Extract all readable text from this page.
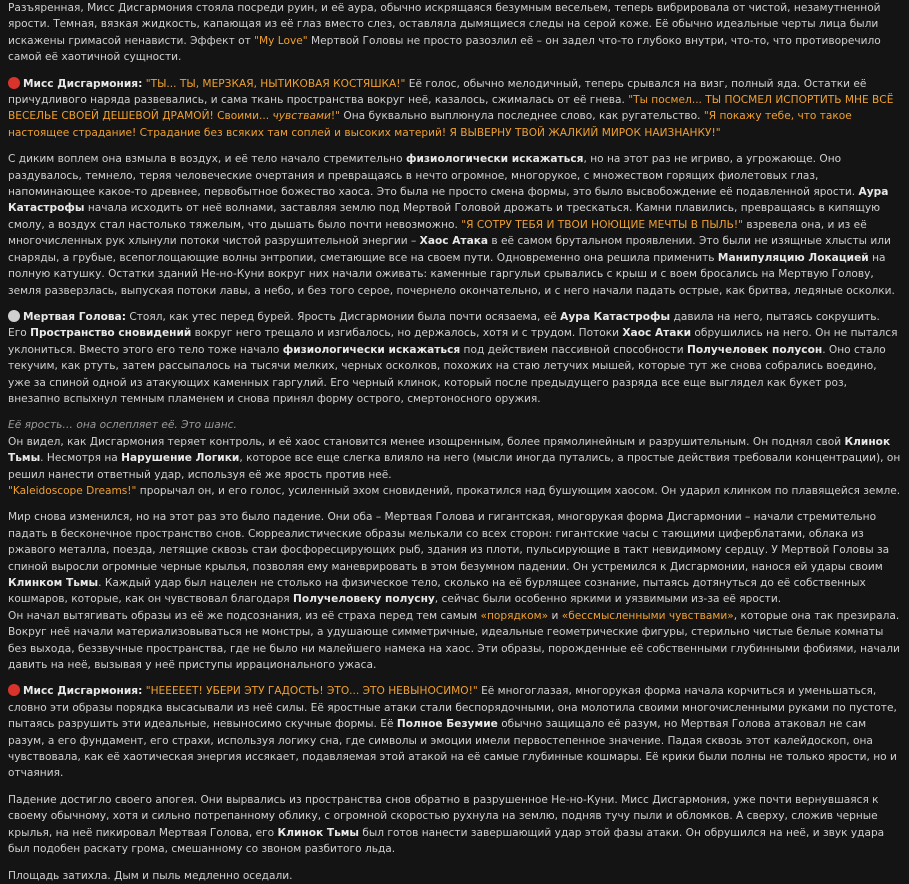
Разъяренная, Мисс Дисгармония стояла посреди руин, и её аура, обычно искрящаяся безумным весельем, теперь вибрировала от чистой, незамутненной ярости. Темная, вязкая жидкость, капающая из её глаз вместо слез, оставляла дымящиеся следы на серой коже. Её обычно идеальные черты лица были искажены гримасой ненависти. Эффект от "My Love" Мертвой Головы не просто разозлил её – он задел что-то глубоко внутри, что-то, что противоречило самой её хаотичной сущности.

Мисс Дисгармония: "ТЫ... ТЫ, МЕРЗКАЯ, НЫТИКОВАЯ КОСТЯШКА!" Её голос, обычно мелодичный, теперь срывался на визг, полный яда. Остатки её причудливого наряда развевались, и сама ткань пространства вокруг неё, казалось, сжималась от её гнева. "Ты посмел... ТЫ ПОСМЕЛ ИСПОРТИТЬ МНЕ ВСЁ ВЕСЕЛЬЕ СВОЕЙ ДЕШЕВОЙ ДРАМОЙ! Своими... чувствами!" Она буквально выплюнула последнее слово, как ругательство. "Я покажу тебе, что такое настоящее страдание! Страдание без всяких там соплей и высоких материй! Я ВЫВЕРНУ ТВОЙ ЖАЛКИЙ МИРОК НАИЗНАНКУ!"

С диким воплем она взмыла в воздух, и её тело начало стремительно физиологически искажаться, но на этот раз не игриво, а угрожающе. Оно раздувалось, темнело, теряя человеческие очертания и превращаясь в нечто огромное, многорукое, с множеством горящих фиолетовых глаз, напоминающее какое-то древнее, первобытное божество хаоса. Это была не просто смена формы, это было высвобождение её подавленной ярости. Аура Катастрофы начала исходить от неё волнами, заставляя землю под Мертвой Головой дрожать и трескаться. Камни плавились, превращаясь в кипящую смолу, а воздух стал настолько тяжелым, что дышать было почти невозможно. "Я СОТРУ ТЕБЯ И ТВОИ НОЮЩИЕ МЕЧТЫ В ПЫЛЬ!" взревела она, и из её многочисленных рук хлынули потоки чистой разрушительной энергии – Хаос Атака в её самом брутальном проявлении. Это были не изящные хлысты или снаряды, а грубые, всепоглощающие волны энтропии, сметающие все на своем пути. Одновременно она решила применить Манипуляцию Локацией на полную катушку. Остатки зданий Не-но-Куни вокруг них начали оживать: каменные гаргульи срывались с крыш и с воем бросались на Мертвую Голову, земля разверзлась, выпуская потоки лавы, а небо, и без того серое, почернело окончательно, и с него начали падать острые, как бритва, ледяные осколки.

Мертвая Голова: Стоял, как утес перед бурей. Ярость Дисгармонии была почти осязаема, её Аура Катастрофы давила на него, пытаясь сокрушить. Его Пространство сновидений вокруг него трещало и изгибалось, но держалось, хотя и с трудом. Потоки Хаос Атаки обрушились на него. Он не пытался уклониться. Вместо этого его тело тоже начало физиологически искажаться под действием пассивной способности Получеловек полусон. Оно стало текучим, как ртуть, затем рассыпалось на тысячи мелких, черных осколков, похожих на стаю летучих мышей, которые тут же снова собрались воедино, уже за спиной одной из атакующих каменных гаргулий. Его черный клинок, который после предыдущего разряда все еще выглядел как букет роз, внезапно вспыхнул темным пламенем и снова принял форму острого, смертоносного оружия.

Её ярость… она ослепляет её. Это шанс.

Он видел, как Дисгармония теряет контроль, и её хаос становится менее изощренным, более прямолинейным и разрушительным. Он поднял свой Клинок Тьмы. Несмотря на Нарушение Логики, которое все еще слегка влияло на него (мысли иногда путались, а простые действия требовали концентрации), он решил нанести ответный удар, используя её же ярость против неё.

"Kaleidoscope Dreams!" прорычал он, и его голос, усиленный эхом сновидений, прокатился над бушующим хаосом. Он ударил клинком по плавящейся земле.

Мир снова изменился, но на этот раз это было падение. Они оба – Мертвая Голова и гигантская, многорукая форма Дисгармонии – начали стремительно падать в бесконечное пространство снов. Сюрреалистические образы мелькали со всех сторон: гигантские часы с тающими циферблатами, облака из ржавого металла, поезда, летящие сквозь стаи фосфоресцирующих рыб, здания из плоти, пульсирующие в такт невидимому сердцу. У Мертвой Головы за спиной выросли огромные черные крылья, позволяя ему маневрировать в этом безумном падении. Он устремился к Дисгармонии, нанося ей удары своим Клинком Тьмы. Каждый удар был нацелен не столько на физическое тело, сколько на её бурлящее сознание, пытаясь дотянуться до её собственных кошмаров, которые, как он чувствовал благодаря Получеловеку полусну, сейчас были особенно яркими и уязвимыми из-за её ярости.

Он начал вытягивать образы из её же подсознания, из её страха перед тем самым «порядком» и «бессмысленными чувствами», которые она так презирала. Вокруг неё начали материализовываться не монстры, а удушающе симметричные, идеальные геометрические фигуры, стерильно чистые белые комнаты без выхода, беззвучные пространства, где не было ни малейшего намека на хаос. Эти образы, порожденные её собственными глубинными фобиями, начали давить на неё, вызывая у неё приступы иррационального ужаса.

Мисс Дисгармония: "НЕЕЕЕЕТ! УБЕРИ ЭТУ ГАДОСТЬ! ЭТО... ЭТО НЕВЫНОСИМО!" Её многоглазая, многорукая форма начала корчиться и уменьшаться, словно эти образы порядка высасывали из неё силы. Её яростные атаки стали беспорядочными, она молотила своими многочисленными руками по пустоте, пытаясь разрушить эти идеальные, невыносимо скучные формы. Её Полное Безумие обычно защищало её разум, но Мертвая Голова атаковал не сам разум, а его фундамент, его страхи, используя логику сна, где символы и эмоции имели первостепенное значение. Падая сквозь этот калейдоскоп, она чувствовала, как её хаотическая энергия иссякает, подавляемая этой атакой на её самые глубинные кошмары. Её крики были полны не только ярости, но и отчаяния.

Падение достигло своего апогея. Они вырвались из пространства снов обратно в разрушенное Не-но-Куни. Мисс Дисгармония, уже почти вернувшаяся к своему обычному, хотя и сильно потрепанному облику, с огромной скоростью рухнула на землю, подняв тучу пыли и обломков. А сверху, сложив черные крылья, на неё пикировал Мертвая Голова, его Клинок Тьмы был готов нанести завершающий удар этой фазы атаки. Он обрушился на неё, и звук удара был подобен раскату грома, смешанному со звоном разбитого льда.

Площадь затихла. Дым и пыль медленно оседали.
